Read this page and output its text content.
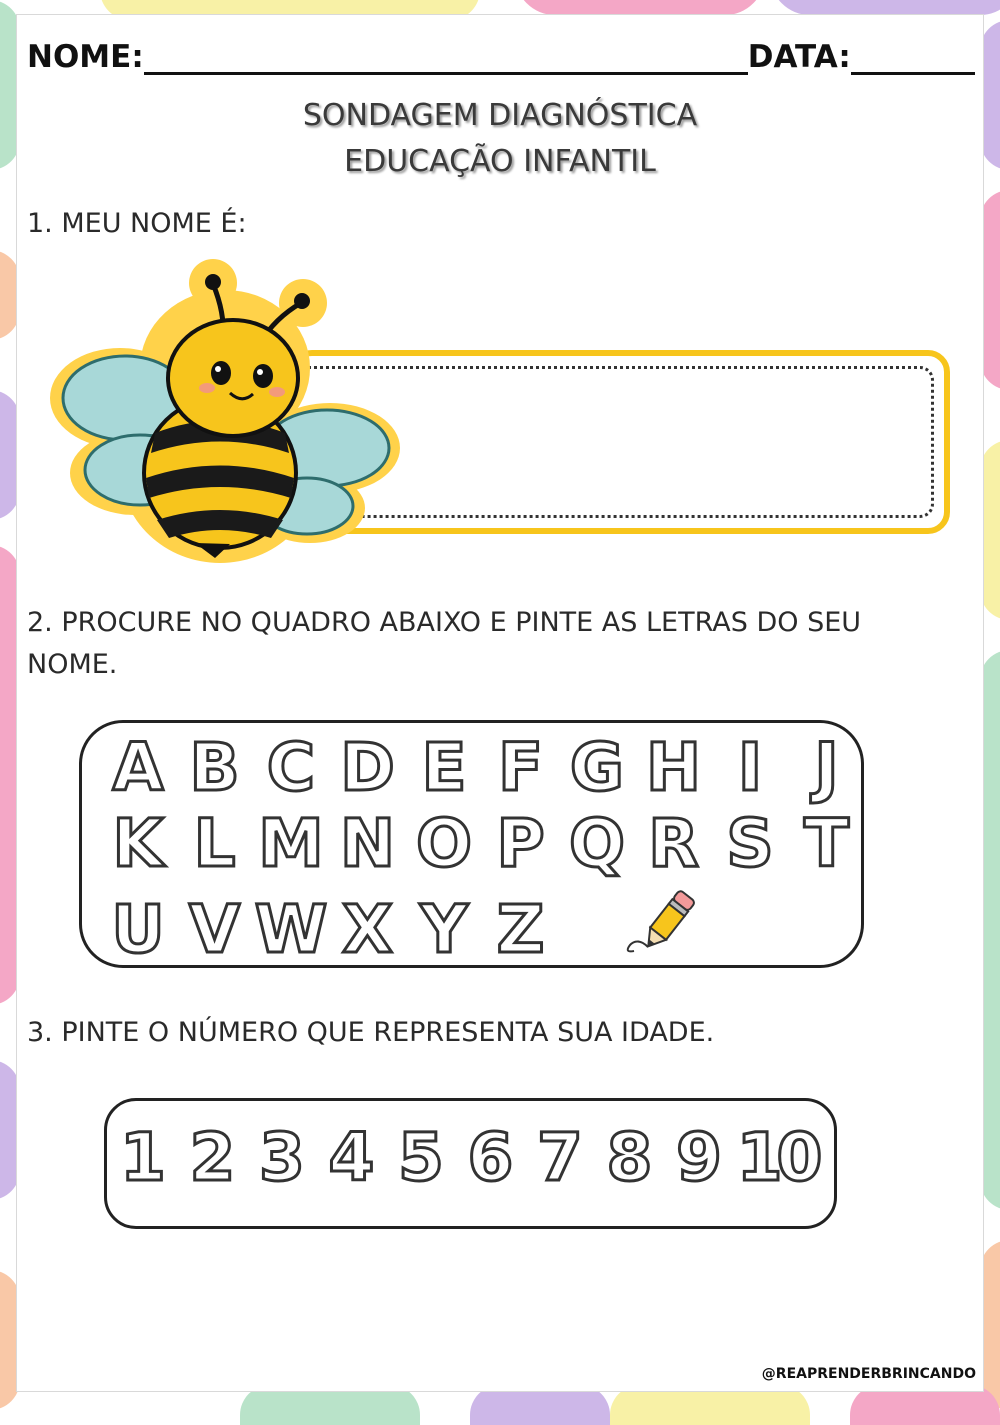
NOME:	DATA:
SONDAGEM DIAGNÓSTICA
EDUCAÇÃO INFANTIL
1. MEU NOME É:
2. PROCURE NO QUADRO ABAIXO E PINTE AS LETRAS DO SEU NOME.
A B C D E F G H I J
K L M N O P Q R S T
U V W X Y Z
3. PINTE O NÚMERO QUE REPRESENTA SUA IDADE.
1 2 3 4 5 6 7 8 9 10
@REAPRENDERBRINCANDO
